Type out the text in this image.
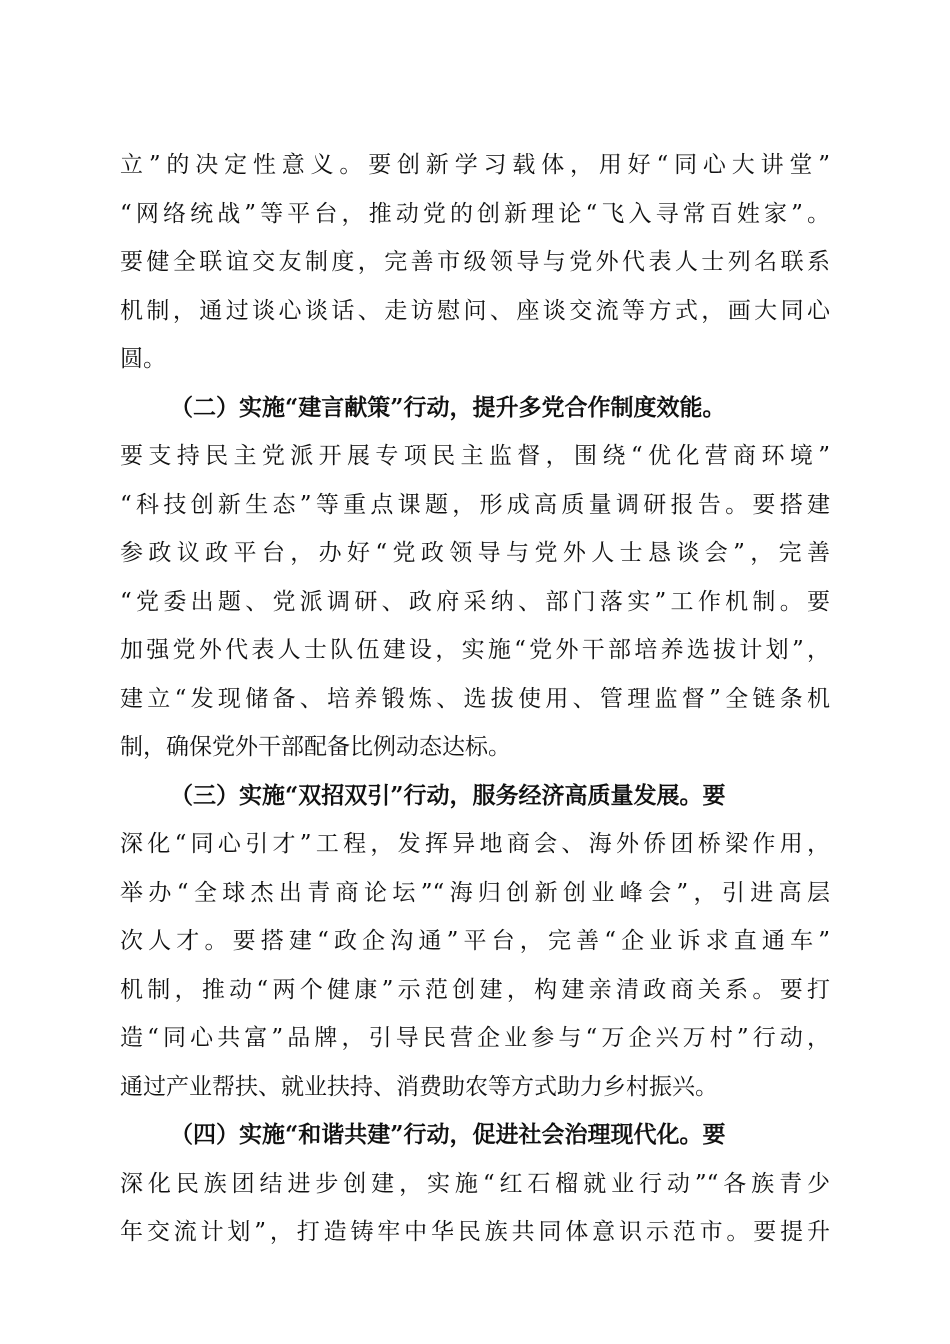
立”的决定性意义。要创新学习载体，用好“同心大讲堂”
“网络统战”等平台，推动党的创新理论“飞入寻常百姓家”。
要健全联谊交友制度，完善市级领导与党外代表人士列名联系
机制，通过谈心谈话、走访慰问、座谈交流等方式，画大同心
圆。
（二）实施“建言献策”行动，提升多党合作制度效能。
要支持民主党派开展专项民主监督，围绕“优化营商环境”
“科技创新生态”等重点课题，形成高质量调研报告。要搭建
参政议政平台，办好“党政领导与党外人士恳谈会”，完善
“党委出题、党派调研、政府采纳、部门落实”工作机制。要
加强党外代表人士队伍建设，实施“党外干部培养选拔计划”，
建立“发现储备、培养锻炼、选拔使用、管理监督”全链条机
制，确保党外干部配备比例动态达标。
（三）实施“双招双引”行动，服务经济高质量发展。要
深化“同心引才”工程，发挥异地商会、海外侨团桥梁作用，
举办“全球杰出青商论坛”“海归创新创业峰会”，引进高层
次人才。要搭建“政企沟通”平台，完善“企业诉求直通车”
机制，推动“两个健康”示范创建，构建亲清政商关系。要打
造“同心共富”品牌，引导民营企业参与“万企兴万村”行动，
通过产业帮扶、就业扶持、消费助农等方式助力乡村振兴。
（四）实施“和谐共建”行动，促进社会治理现代化。要
深化民族团结进步创建，实施“红石榴就业行动”“各族青少
年交流计划”，打造铸牢中华民族共同体意识示范市。要提升
